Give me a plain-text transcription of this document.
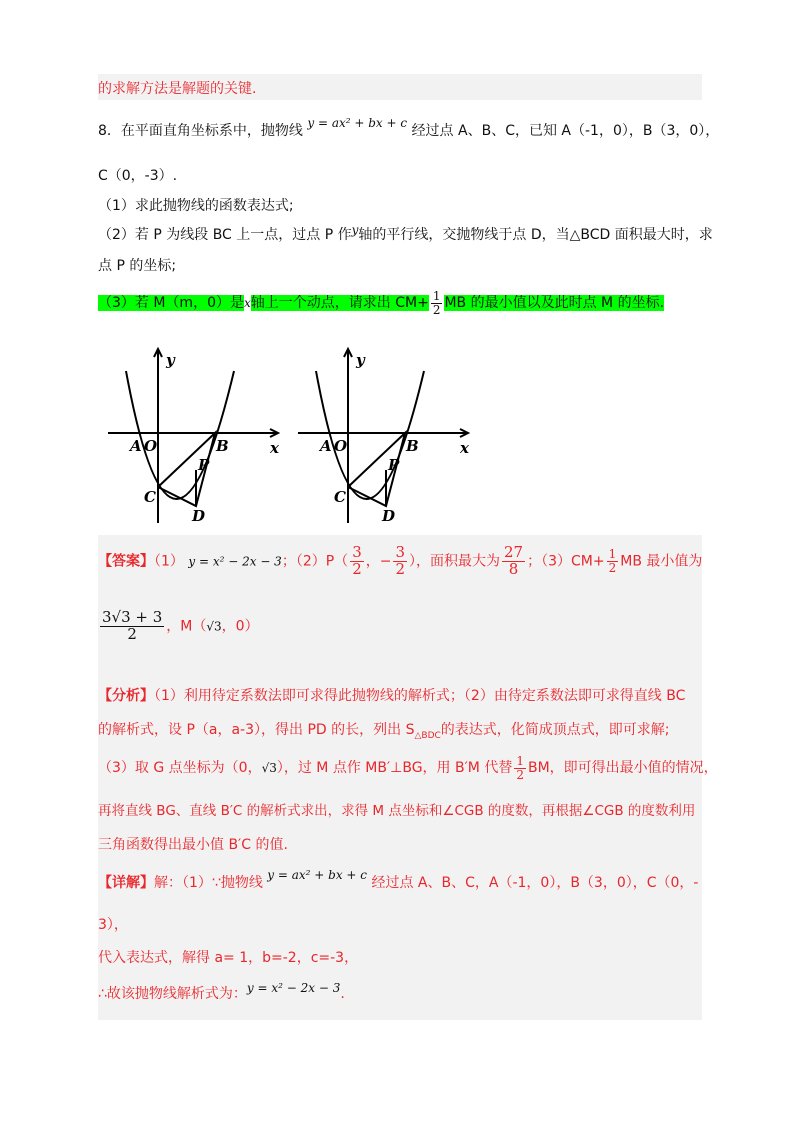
的求解方法是解题的关键.
8．在平面直角坐标系中，抛物线 y = ax² + bx + c 经过点 A、B、C，已知 A（-1，0），B（3，0），
C（0，-3）.
（1）求此抛物线的函数表达式;
（2）若 P 为线段 BC 上一点，过点 P 作y轴的平行线，交抛物线于点 D，当△BCD 面积最大时，求
点 P 的坐标;
（3）若 M（m，0）是x轴上一个动点，请求出 $CM+ \frac{1}{2}$ MB 的最小值以及此时点 M 的坐标.
y
x
A O	B
P
C
D
y
x
A O	B
P
C
D
【答案】（1） y = x² − 2x − 3；$(2)P( \frac{3}{2}$ ，− $\frac{3}{2}$ ），面积最大为 $\frac{27}{8}$ ；$(3)CM+ \frac{1}{2}$ MB 最小值为
$\frac{3√3 + 3}{2}$ ，M（√3，0）
【分析】（1）利用待定系数法即可求得此抛物线的解析式；（2）由待定系数法即可求得直线 BC
的解析式，设 P（a，a-3），得出 PD 的长，列出 $S_{\triangle BDC}$的表达式，化简成顶点式，即可求解;
（3）取 G 点坐标为（0，√3），过 M 点作 MB′⊥BG，用 B′M 代替 $\frac{1}{2}$ BM，即可得出最小值的情况，
再将直线 BG、直线 B′C 的解析式求出，求得 M 点坐标和∠CGB 的度数，再根据∠CGB 的度数利用
三角函数得出最小值 B′C 的值.
【详解】解：（1）∵抛物线 y = ax² + bx + c 经过点 A、B、C，A（-1，0），B（3，0），C（0，-
3），
代入表达式，解得 a= 1，b=-2，c=-3，
∴故该抛物线解析式为：y = x² − 2x − 3.
